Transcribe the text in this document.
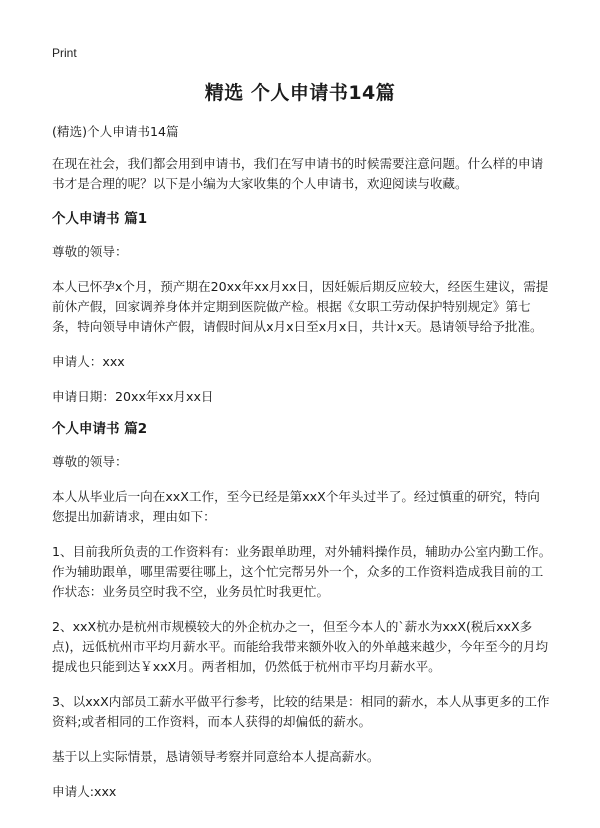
Print
精选 个人申请书14篇

(精选)个人申请书14篇

在现在社会，我们都会用到申请书，我们在写申请书的时候需要注意问题。什么样的申请书才是合理的呢？以下是小编为大家收集的个人申请书，欢迎阅读与收藏。

个人申请书 篇1

尊敬的领导：

本人已怀孕x个月，预产期在20xx年xx月xx日，因妊娠后期反应较大，经医生建议，需提前休产假，回家调养身体并定期到医院做产检。根据《女职工劳动保护特别规定》第七条，特向领导申请休产假，请假时间从x月x日至x月x日，共计x天。恳请领导给予批准。

申请人：xxx

申请日期：20xx年xx月xx日

个人申请书 篇2

尊敬的领导：

本人从毕业后一向在xxX工作，至今已经是第xxX个年头过半了。经过慎重的研究，特向您提出加薪请求，理由如下：

1、目前我所负责的工作资料有：业务跟单助理，对外辅料操作员，辅助办公室内勤工作。作为辅助跟单，哪里需要往哪上，这个忙完帮另外一个，众多的工作资料造成我目前的工作状态：业务员空时我不空，业务员忙时我更忙。

2、xxX杭办是杭州市规模较大的外企杭办之一，但至今本人的`薪水为xxX(税后xxX多点)，远低杭州市平均月薪水平。而能给我带来额外收入的外单越来越少，今年至今的月均提成也只能到达￥xxX月。两者相加，仍然低于杭州市平均月薪水平。

3、以xxX内部员工薪水平做平行参考，比较的结果是：相同的薪水，本人从事更多的工作资料;或者相同的工作资料，而本人获得的却偏低的薪水。

基于以上实际情景，恳请领导考察并同意给本人提高薪水。

申请人:xxx
